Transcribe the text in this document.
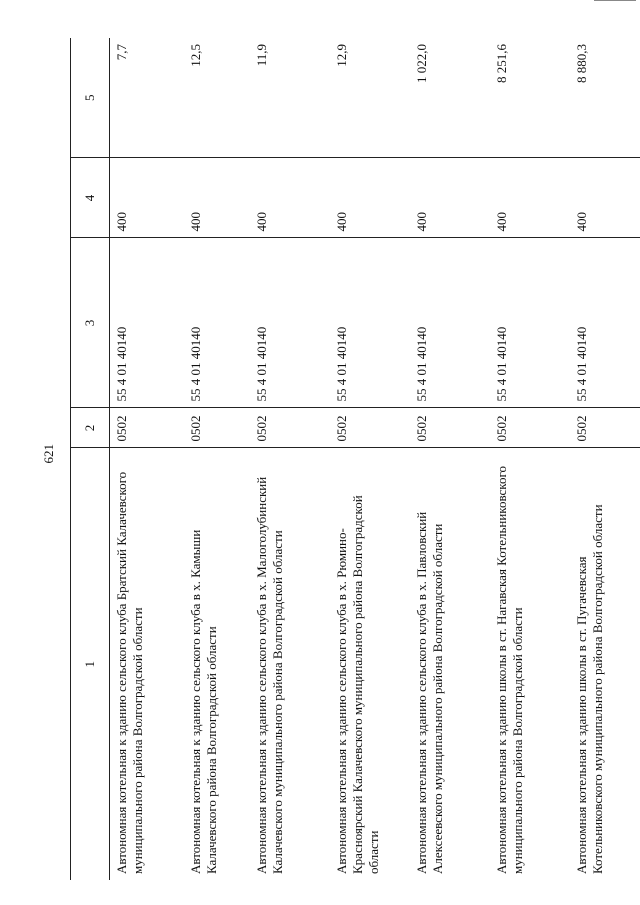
621
1	2	3	4	5
Автономная котельная к зданию сельского клуба Братский Калачевского муниципального района Волгоградской области	0502	55 4 01 40140	400	7,7
Автономная котельная к зданию сельского клуба в х. Камыши Калачевского района Волгоградской области	0502	55 4 01 40140	400	12,5
Автономная котельная к зданию сельского клуба в х. Малоголубинский Калачевского муниципального района Волгоградской области	0502	55 4 01 40140	400	11,9
Автономная котельная к зданию сельского клуба в х. Рюмино-Красноярский Калачевского муниципального района Волгоградской области	0502	55 4 01 40140	400	12,9
Автономная котельная к зданию сельского клуба в х. Павловский Алексеевского муниципального района Волгоградской области	0502	55 4 01 40140	400	1 022,0
Автономная котельная к зданию школы в ст. Нагавская Котельниковского муниципального района Волгоградской области	0502	55 4 01 40140	400	8 251,6
Автономная котельная к зданию школы в ст. Пугачевская Котельниковского муниципального района Волгоградской области	0502	55 4 01 40140	400	8 880,3
